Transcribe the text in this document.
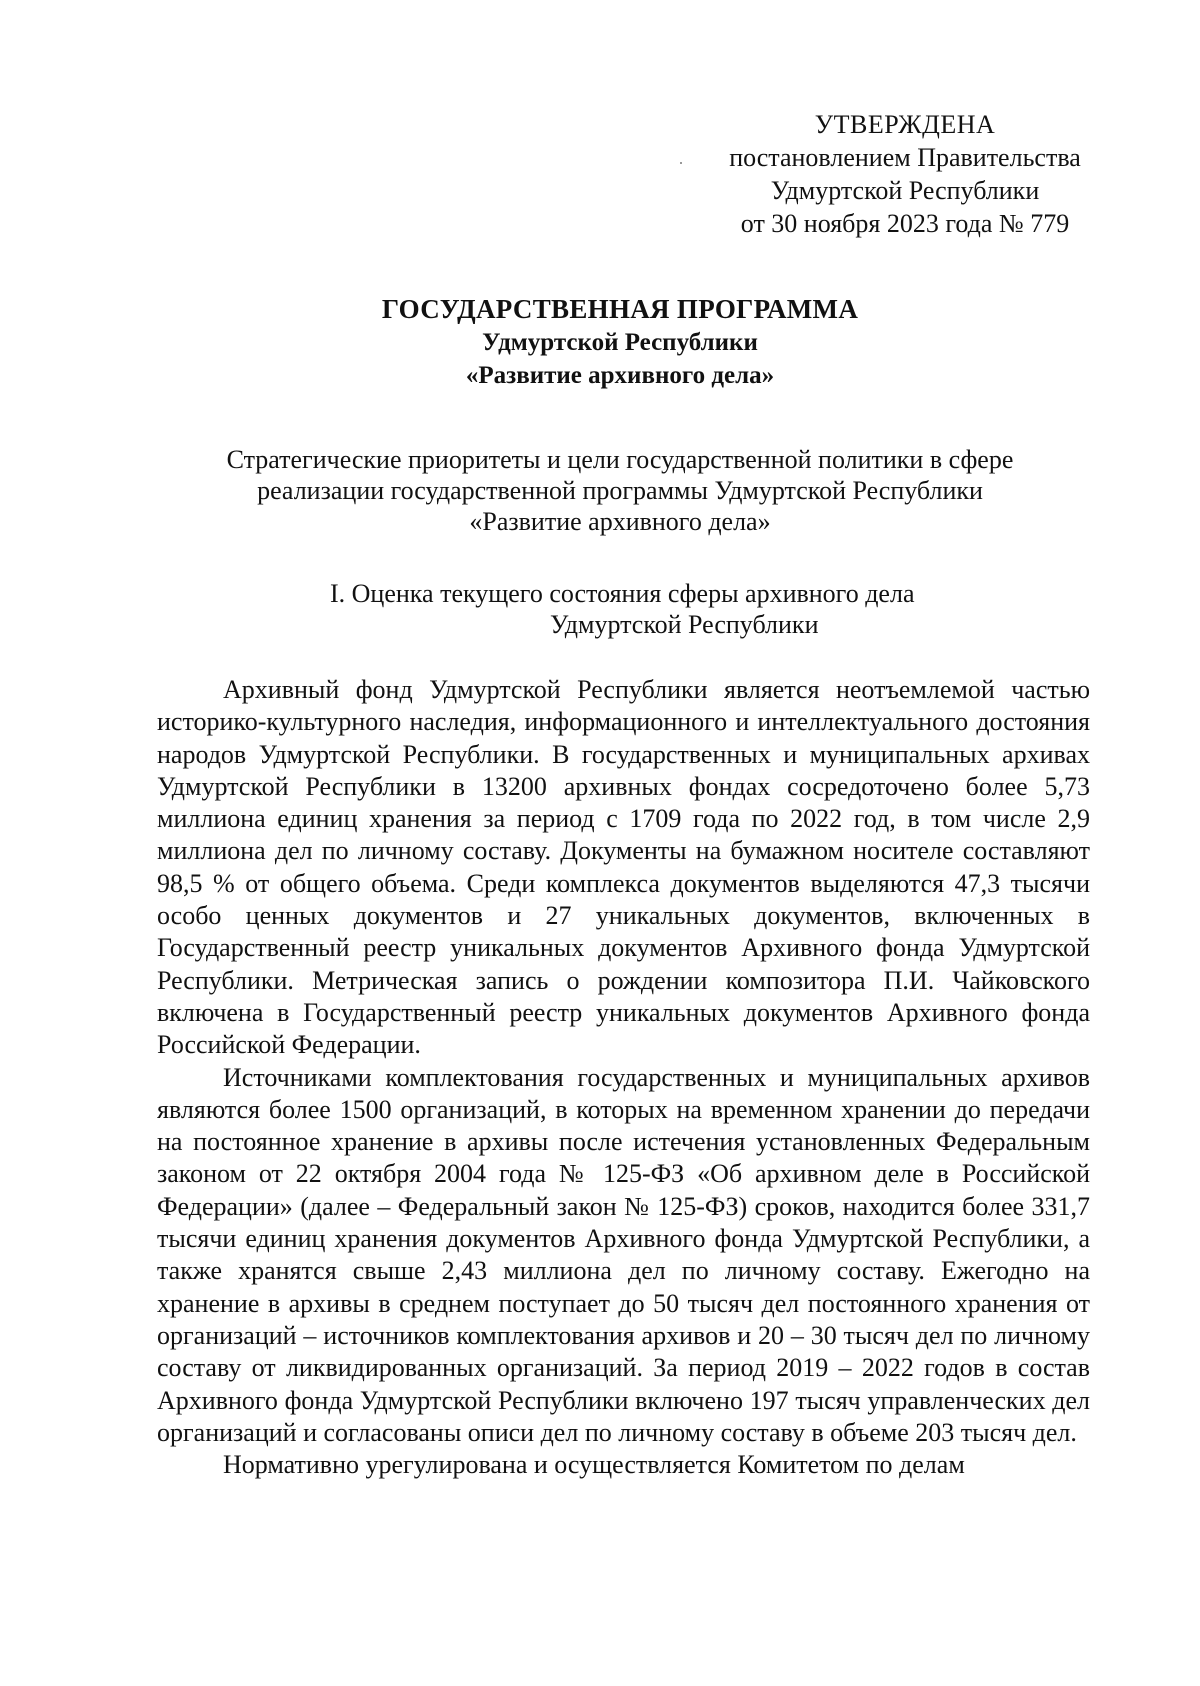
УТВЕРЖДЕНА
постановлением Правительства
Удмуртской Республики
от 30 ноября 2023 года № 779
ГОСУДАРСТВЕННАЯ ПРОГРАММА
Удмуртской Республики
«Развитие архивного дела»
Стратегические приоритеты и цели государственной политики в сфере
реализации государственной программы Удмуртской Республики
«Развитие архивного дела»
I. Оценка текущего состояния сферы архивного дела
Удмуртской Республики

Архивный фонд Удмуртской Республики является неотъемлемой частью историко-культурного наследия, информационного и интеллектуального достояния народов Удмуртской Республики. В государственных и муниципальных архивах Удмуртской Республики в 13200 архивных фондах сосредоточено более 5,73 миллиона единиц хранения за период с 1709 года по 2022 год, в том числе 2,9 миллиона дел по личному составу. Документы на бумажном носителе составляют 98,5 % от общего объема. Среди комплекса документов выделяются 47,3 тысячи особо ценных документов и 27 уникальных документов, включенных в Государственный реестр уникальных документов Архивного фонда Удмуртской Республики. Метрическая запись о рождении композитора П.И. Чайковского включена в Государственный реестр уникальных документов Архивного фонда Российской Федерации.

Источниками комплектования государственных и муниципальных архивов являются более 1500 организаций, в которых на временном хранении до передачи на постоянное хранение в архивы после истечения установленных Федеральным законом от 22 октября 2004 года № 125-ФЗ «Об архивном деле в Российской Федерации» (далее – Федеральный закон № 125-ФЗ) сроков, находится более 331,7 тысячи единиц хранения документов Архивного фонда Удмуртской Республики, а также хранятся свыше 2,43 миллиона дел по личному составу. Ежегодно на хранение в архивы в среднем поступает до 50 тысяч дел постоянного хранения от организаций – источников комплектования архивов и 20 – 30 тысяч дел по личному составу от ликвидированных организаций. За период 2019 – 2022 годов в состав Архивного фонда Удмуртской Республики включено 197 тысяч управленческих дел организаций и согласованы описи дел по личному составу в объеме 203 тысяч дел.

Нормативно урегулирована и осуществляется Комитетом по делам
